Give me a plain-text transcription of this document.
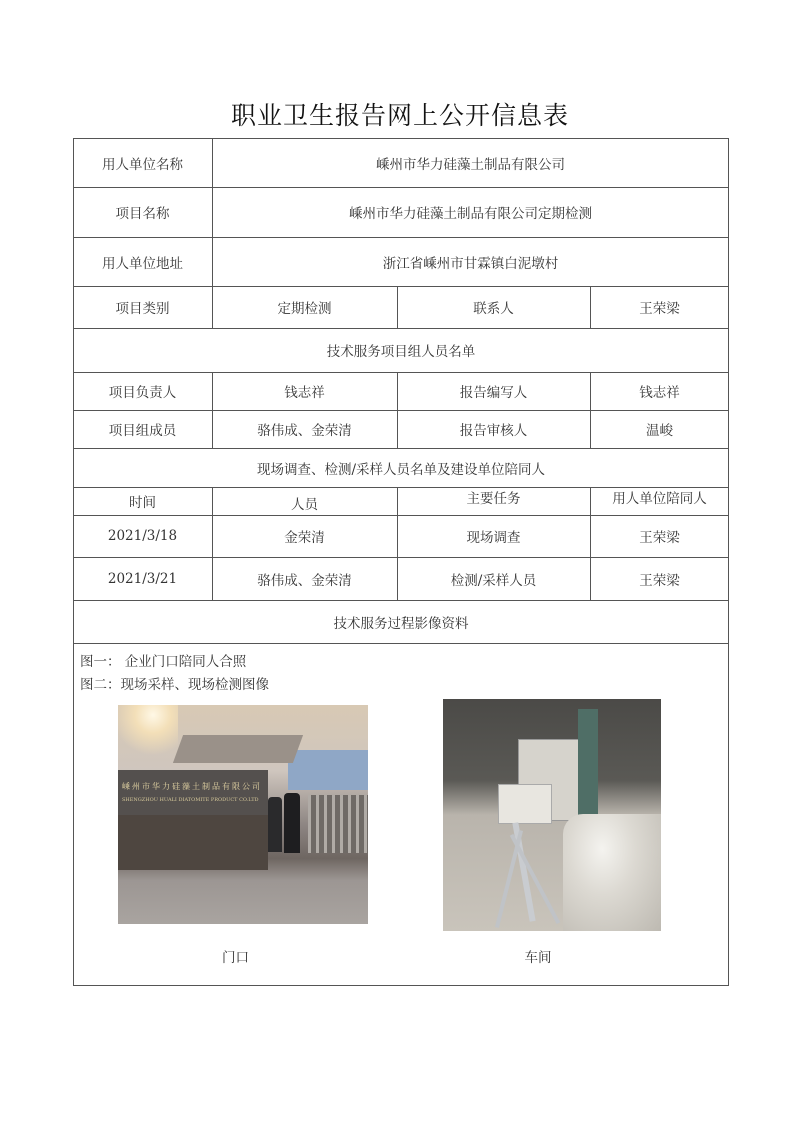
职业卫生报告网上公开信息表
用人单位名称	嵊州市华力硅藻土制品有限公司
项目名称	嵊州市华力硅藻土制品有限公司定期检测
用人单位地址	浙江省嵊州市甘霖镇白泥墩村
项目类别	定期检测	联系人	王荣梁
技术服务项目组人员名单
项目负责人	钱志祥	报告编写人	钱志祥
项目组成员	骆伟成、金荣清	报告审核人	温峻
现场调查、检测/采样人员名单及建设单位陪同人
时间	人员	主要任务	用人单位陪同人
2021/3/18	金荣清	现场调查	王荣梁
2021/3/21	骆伟成、金荣清	检测/采样人员	王荣梁
技术服务过程影像资料
图一： 企业门口陪同人合照
图二：现场采样、现场检测图像
嵊州市华力硅藻土制品有限公司
SHENGZHOU HUALI DIATOMITE PRODUCT CO.LTD
门口	车间
